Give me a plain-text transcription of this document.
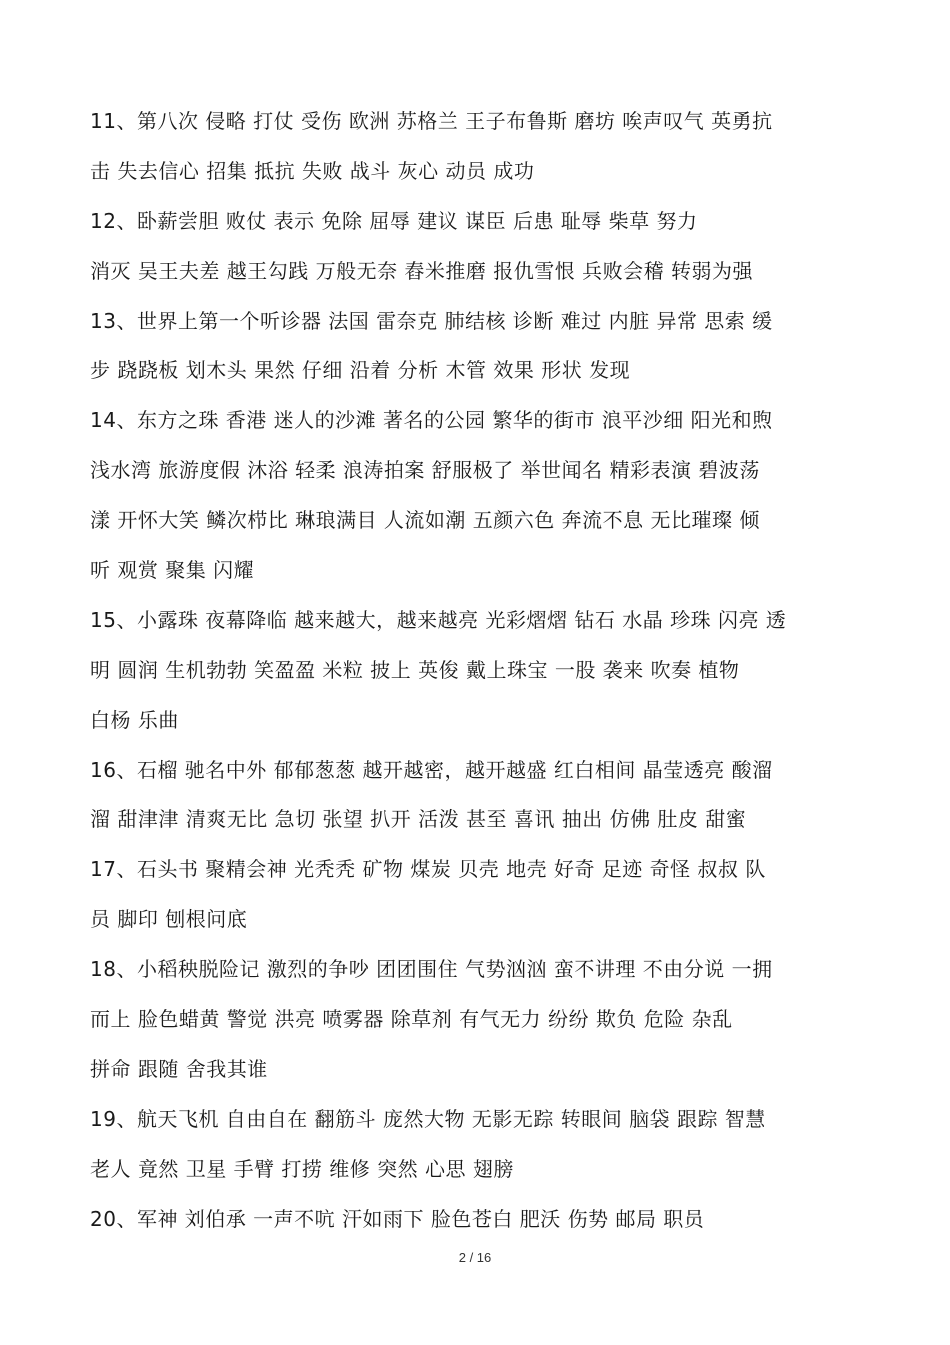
11、第八次 侵略 打仗 受伤 欧洲 苏格兰 王子布鲁斯 磨坊 唉声叹气 英勇抗
击 失去信心 招集 抵抗 失败 战斗 灰心 动员 成功
12、卧薪尝胆 败仗 表示 免除 屈辱 建议 谋臣 后患 耻辱 柴草 努力
消灭 吴王夫差 越王勾践 万般无奈 舂米推磨 报仇雪恨 兵败会稽 转弱为强
13、世界上第一个听诊器 法国 雷奈克 肺结核 诊断 难过 内脏 异常 思索 缓
步 跷跷板 划木头 果然 仔细 沿着 分析 木管 效果 形状 发现
14、东方之珠 香港 迷人的沙滩 著名的公园 繁华的街市 浪平沙细 阳光和煦
浅水湾 旅游度假 沐浴 轻柔 浪涛拍案 舒服极了 举世闻名 精彩表演 碧波荡
漾 开怀大笑 鳞次栉比 琳琅满目 人流如潮 五颜六色 奔流不息 无比璀璨 倾
听 观赏 聚集 闪耀
15、小露珠 夜幕降临 越来越大，越来越亮 光彩熠熠 钻石 水晶 珍珠 闪亮 透
明 圆润 生机勃勃 笑盈盈 米粒 披上 英俊 戴上珠宝 一股 袭来 吹奏 植物
白杨 乐曲
16、石榴 驰名中外 郁郁葱葱 越开越密，越开越盛 红白相间 晶莹透亮 酸溜
溜 甜津津 清爽无比 急切 张望 扒开 活泼 甚至 喜讯 抽出 仿佛 肚皮 甜蜜
17、石头书 聚精会神 光秃秃 矿物 煤炭 贝壳 地壳 好奇 足迹 奇怪 叔叔 队
员 脚印 刨根问底
18、小稻秧脱险记 激烈的争吵 团团围住 气势汹汹 蛮不讲理 不由分说 一拥
而上 脸色蜡黄 警觉 洪亮 喷雾器 除草剂 有气无力 纷纷 欺负 危险 杂乱
拼命 跟随 舍我其谁
19、航天飞机 自由自在 翻筋斗 庞然大物 无影无踪 转眼间 脑袋 跟踪 智慧
老人 竟然 卫星 手臂 打捞 维修 突然 心思 翅膀
20、军神 刘伯承 一声不吭 汗如雨下 脸色苍白 肥沃 伤势 邮局 职员
2 / 16
